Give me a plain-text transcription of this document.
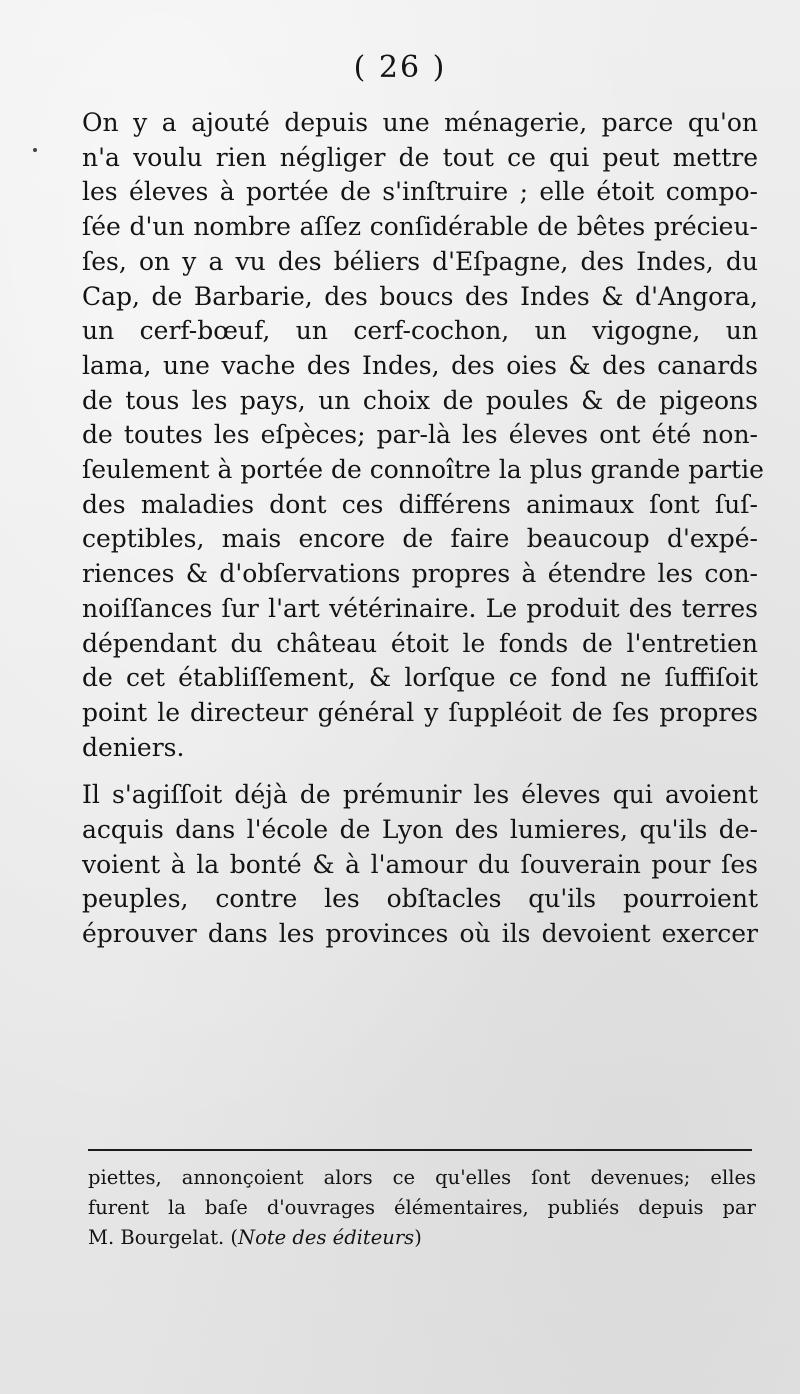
( 26 )

On y a ajouté depuis une ménagerie, parce qu'on
n'a voulu rien négliger de tout ce qui peut mettre
les éleves à portée de s'inſtruire ; elle étoit compo-
ſée d'un nombre aſſez conſidérable de bêtes précieu-
ſes, on y a vu des béliers d'Eſpagne, des Indes, du
Cap, de Barbarie, des boucs des Indes & d'Angora,
un cerf-bœuf, un cerf-cochon, un vigogne, un
lama, une vache des Indes, des oies & des canards
de tous les pays, un choix de poules & de pigeons
de toutes les eſpèces; par-là les éleves ont été non-
ſeulement à portée de connoître la plus grande partie
des maladies dont ces différens animaux ſont ſuſ-
ceptibles, mais encore de faire beaucoup d'expé-
riences & d'obſervations propres à étendre les con-
noiſſances ſur l'art vétérinaire. Le produit des terres
dépendant du château étoit le fonds de l'entretien
de cet établiſſement, & lorſque ce fond ne ſuffiſoit
point le directeur général y ſuppléoit de ſes propres
deniers.

Il s'agiſſoit déjà de prémunir les éleves qui avoient
acquis dans l'école de Lyon des lumieres, qu'ils de-
voient à la bonté & à l'amour du ſouverain pour ſes
peuples, contre les obſtacles qu'ils pourroient
éprouver dans les provinces où ils devoient exercer

piettes, annonçoient alors ce qu'elles ſont devenues; elles
furent la baſe d'ouvrages élémentaires, publiés depuis par
M. Bourgelat. (Note des éditeurs)
